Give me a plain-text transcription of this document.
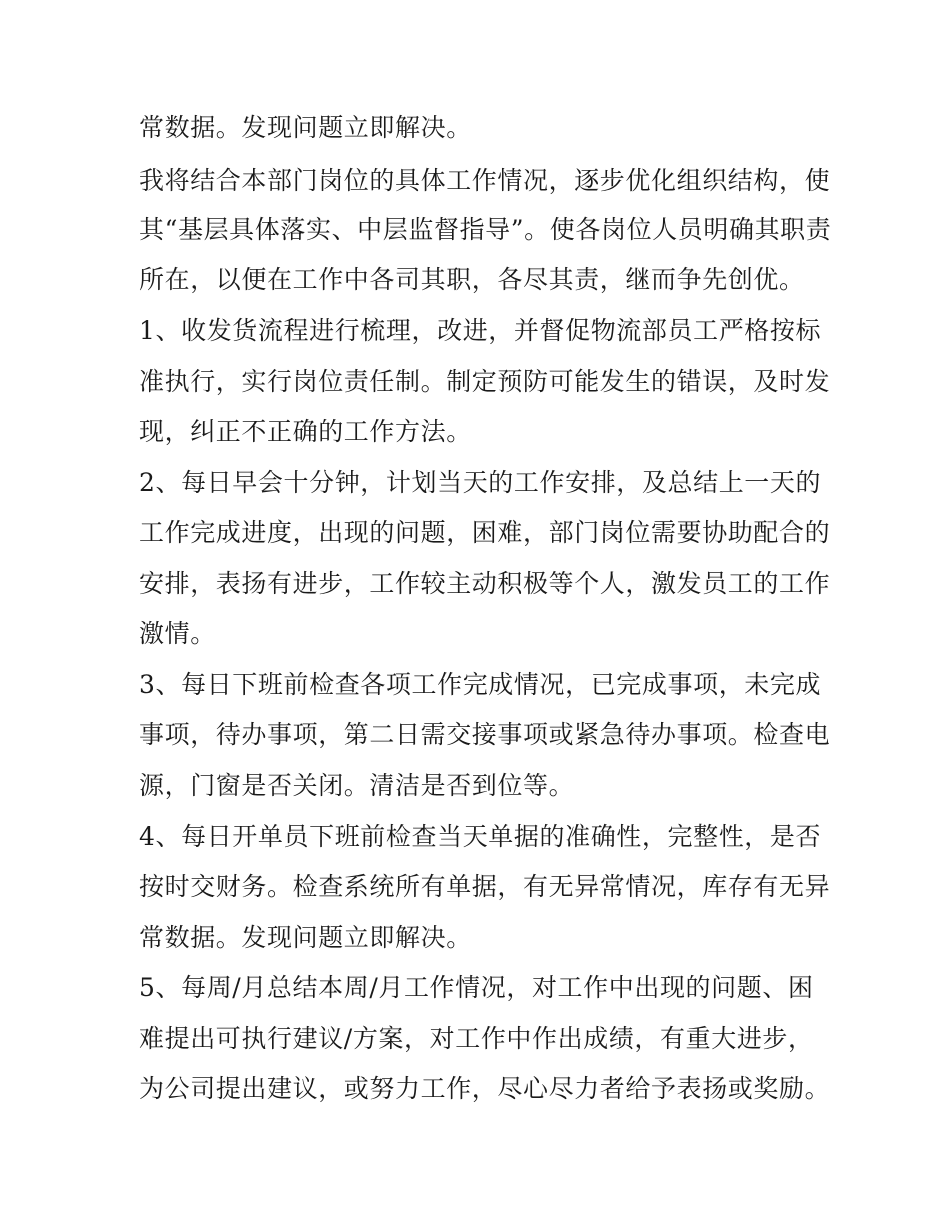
常数据。发现问题立即解决。

我将结合本部门岗位的具体工作情况，逐步优化组织结构，使

其“基层具体落实、中层监督指导”。使各岗位人员明确其职责

所在，以便在工作中各司其职，各尽其责，继而争先创优。

1、收发货流程进行梳理，改进，并督促物流部员工严格按标

准执行，实行岗位责任制。制定预防可能发生的错误，及时发

现，纠正不正确的工作方法。

2、每日早会十分钟，计划当天的工作安排，及总结上一天的

工作完成进度，出现的问题，困难，部门岗位需要协助配合的

安排，表扬有进步，工作较主动积极等个人，激发员工的工作

激情。

3、每日下班前检查各项工作完成情况，已完成事项，未完成

事项，待办事项，第二日需交接事项或紧急待办事项。检查电

源，门窗是否关闭。清洁是否到位等。

4、每日开单员下班前检查当天单据的准确性，完整性，是否

按时交财务。检查系统所有单据，有无异常情况，库存有无异

常数据。发现问题立即解决。

5、每周/月总结本周/月工作情况，对工作中出现的问题、困

难提出可执行建议/方案，对工作中作出成绩，有重大进步，

为公司提出建议，或努力工作，尽心尽力者给予表扬或奖励。
